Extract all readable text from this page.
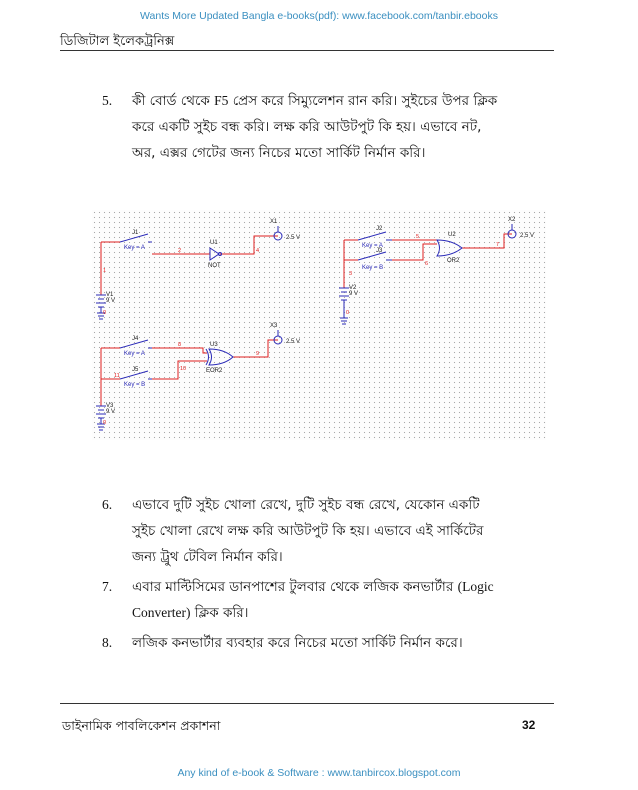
Wants More Updated Bangla e-books(pdf): www.facebook.com/tanbir.ebooks
ডিজিটাল ইলেকট্রনিক্স
5. কী বোর্ড থেকে F5 প্রেস করে সিম্যুলেশন রান করি। সুইচের উপর ক্লিক
করে একটি সুইচ বন্ধ করি। লক্ষ করি আউটপুট কি হয়। এভাবে নট,
অর, এক্সর গেটের জন্য নিচের মতো সার্কিট নির্মান করি।
J1
Key = A
U1
NOT
X1
2.5 V
V1
9 V
J2
Key = A
J3
Key = B
U2
OR2
X2
2.5 V
V2
9 V
J4
Key = A
J5
Key = B
U3
EOR2
X3
2.5 V
V3
9 V
1
2	4
0
5
6
7
3
0
8
10
11
9
0
6. এভাবে দুটি সুইচ খোলা রেখে, দুটি সুইচ বন্ধ রেখে, যেকোন একটি
সুইচ খোলা রেখে লক্ষ করি আউটপুট কি হয়। এভাবে এই সার্কিটের
জন্য ট্রুথ টেবিল নির্মান করি।
7. এবার মাল্টিসিমের ডানপাশের টুলবার থেকে লজিক কনভার্টার (Logic
Converter) ক্লিক করি।
8. লজিক কনভার্টার ব্যবহার করে নিচের মতো সার্কিট নির্মান করে।
ডাইনামিক পাবলিকেশন প্রকাশনা	32
Any kind of e-book & Software : www.tanbircox.blogspot.com
